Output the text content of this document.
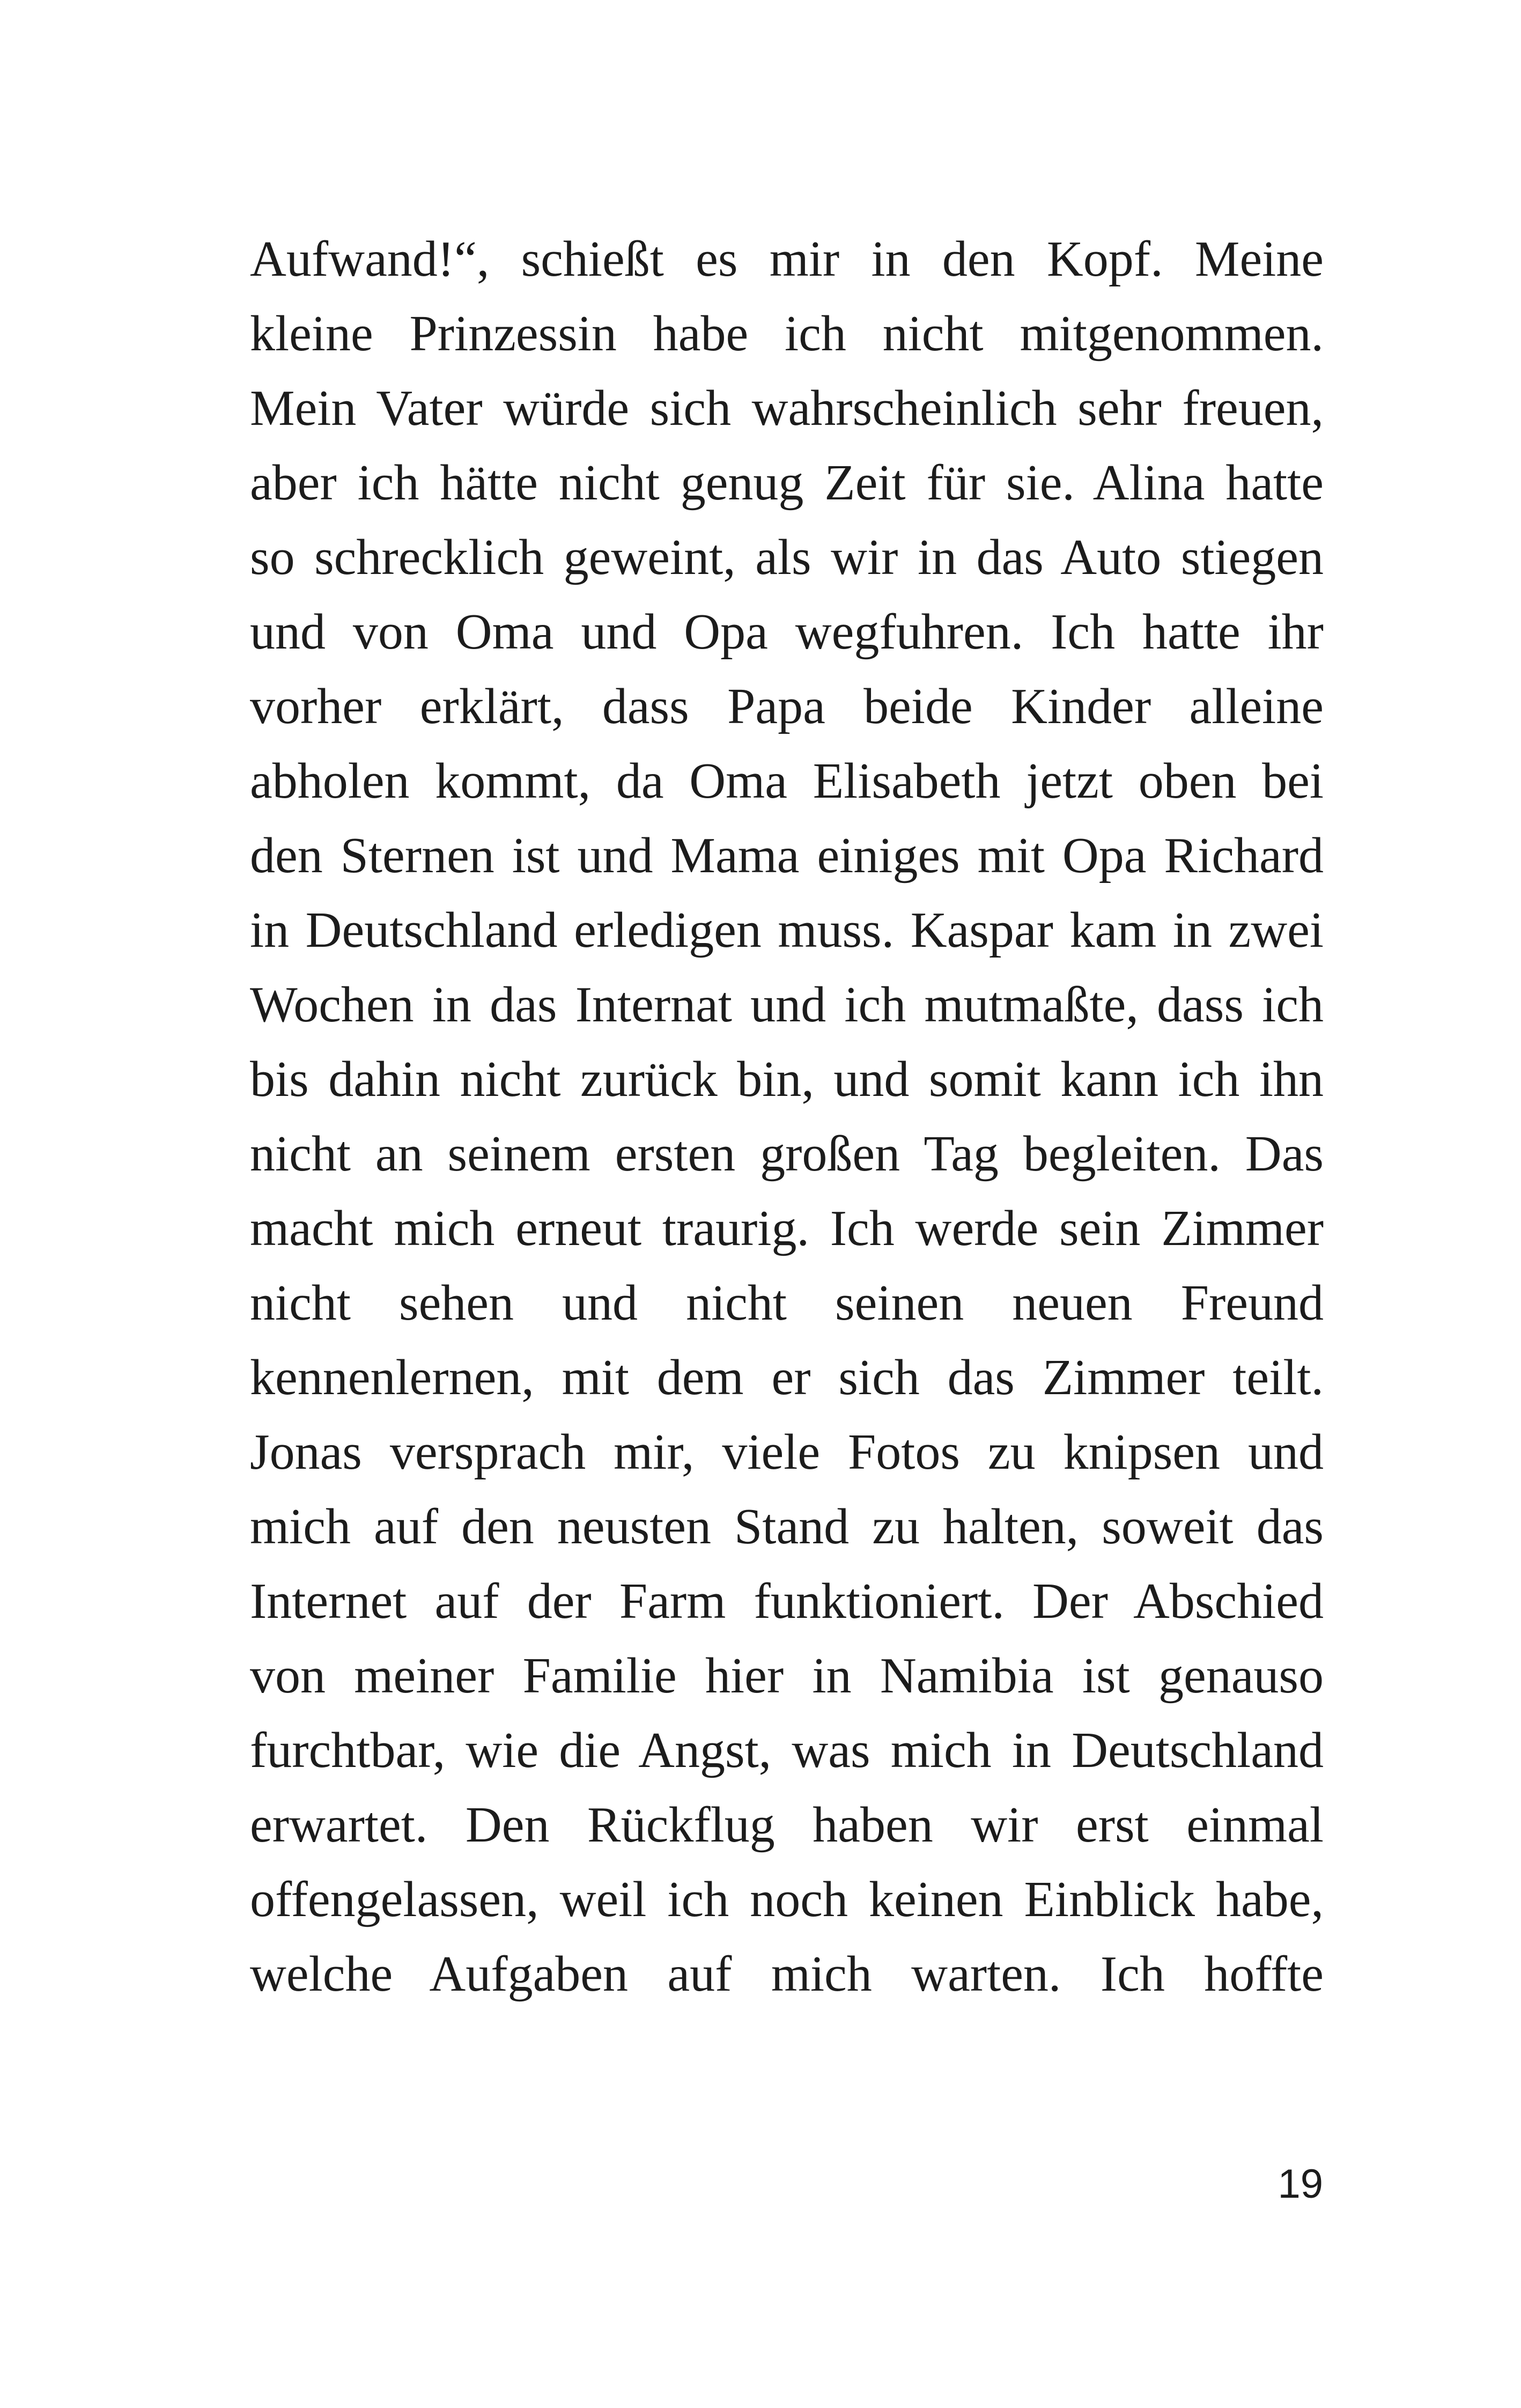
Aufwand!“, schießt es mir in den Kopf. Meine
kleine Prinzessin habe ich nicht mitgenommen.
Mein Vater würde sich wahrscheinlich sehr freuen,
aber ich hätte nicht genug Zeit für sie. Alina hatte
so schrecklich geweint, als wir in das Auto stiegen
und von Oma und Opa wegfuhren. Ich hatte ihr
vorher erklärt, dass Papa beide Kinder alleine
abholen kommt, da Oma Elisabeth jetzt oben bei
den Sternen ist und Mama einiges mit Opa Richard
in Deutschland erledigen muss. Kaspar kam in zwei
Wochen in das Internat und ich mutmaßte, dass ich
bis dahin nicht zurück bin, und somit kann ich ihn
nicht an seinem ersten großen Tag begleiten. Das
macht mich erneut traurig. Ich werde sein Zimmer
nicht sehen und nicht seinen neuen Freund
kennenlernen, mit dem er sich das Zimmer teilt.
Jonas versprach mir, viele Fotos zu knipsen und
mich auf den neusten Stand zu halten, soweit das
Internet auf der Farm funktioniert. Der Abschied
von meiner Familie hier in Namibia ist genauso
furchtbar, wie die Angst, was mich in Deutschland
erwartet. Den Rückflug haben wir erst einmal
offengelassen, weil ich noch keinen Einblick habe,
welche Aufgaben auf mich warten. Ich hoffte
19
